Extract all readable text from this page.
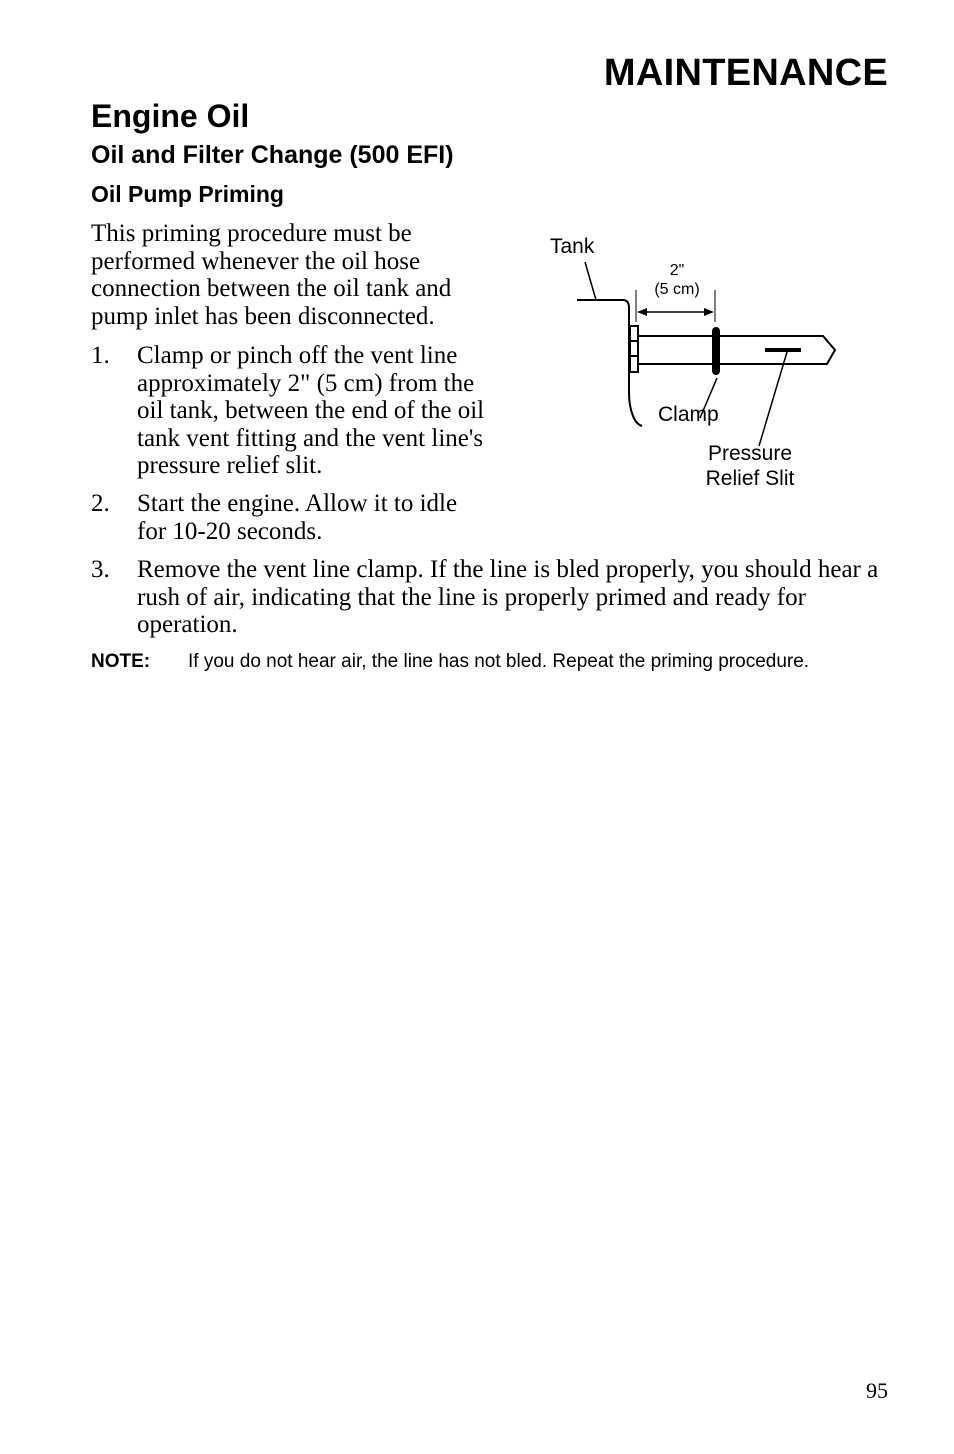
MAINTENANCE
Engine Oil
Oil and Filter Change (500 EFI)
Oil Pump Priming

This priming procedure must be performed whenever the oil hose connection between the oil tank and pump inlet has been disconnected.

1. Clamp or pinch off the vent line approximately 2" (5 cm) from the oil tank, between the end of the oil tank vent fitting and the vent line's pressure relief slit.
2. Start the engine. Allow it to idle for 10-20 seconds.
3. Remove the vent line clamp. If the line is bled properly, you should hear a rush of air, indicating that the line is properly primed and ready for operation.
NOTE: If you do not hear air, the line has not bled. Repeat the priming procedure.
Tank
2"
(5 cm)
Clamp
Pressure
Relief Slit
95
